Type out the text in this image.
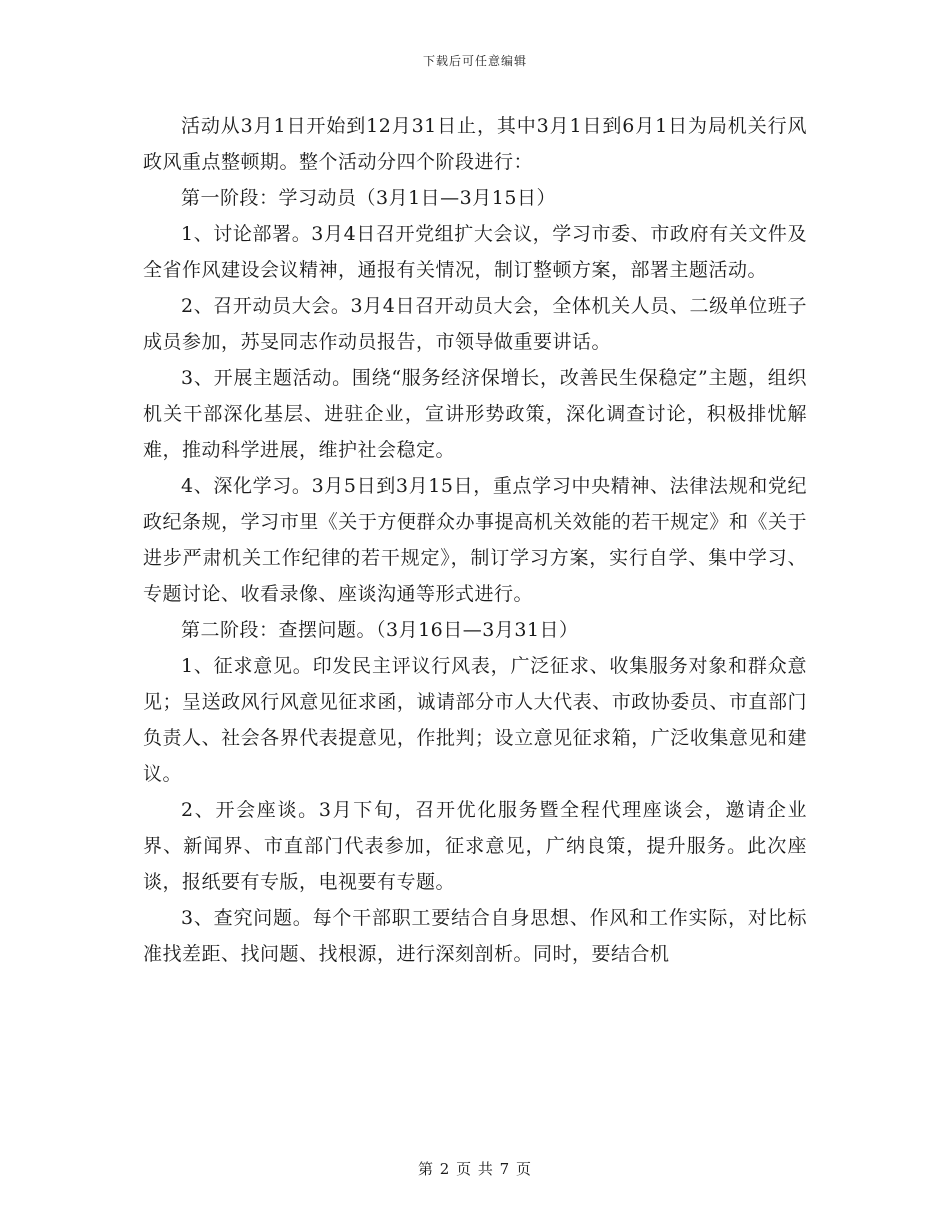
下载后可任意编辑

活动从3月1日开始到12月31日止，其中3月1日到6月1日为局机关行风政风重点整顿期。整个活动分四个阶段进行：

第一阶段：学习动员（3月1日—3月15日）

1、讨论部署。3月4日召开党组扩大会议，学习市委、市政府有关文件及全省作风建设会议精神，通报有关情况，制订整顿方案，部署主题活动。

2、召开动员大会。3月4日召开动员大会，全体机关人员、二级单位班子成员参加，苏旻同志作动员报告，市领导做重要讲话。

3、开展主题活动。围绕“服务经济保增长，改善民生保稳定”主题，组织机关干部深化基层、进驻企业，宣讲形势政策，深化调查讨论，积极排忧解难，推动科学进展，维护社会稳定。

4、深化学习。3月5日到3月15日，重点学习中央精神、法律法规和党纪政纪条规，学习市里《关于方便群众办事提高机关效能的若干规定》和《关于进步严肃机关工作纪律的若干规定》，制订学习方案，实行自学、集中学习、专题讨论、收看录像、座谈沟通等形式进行。

第二阶段：查摆问题。（3月16日—3月31日）

1、征求意见。印发民主评议行风表，广泛征求、收集服务对象和群众意见；呈送政风行风意见征求函，诚请部分市人大代表、市政协委员、市直部门负责人、社会各界代表提意见，作批判；设立意见征求箱，广泛收集意见和建议。

2、开会座谈。3月下旬，召开优化服务暨全程代理座谈会，邀请企业界、新闻界、市直部门代表参加，征求意见，广纳良策，提升服务。此次座谈，报纸要有专版，电视要有专题。

3、查究问题。每个干部职工要结合自身思想、作风和工作实际，对比标准找差距、找问题、找根源，进行深刻剖析。同时，要结合机

第 2 页 共 7 页
